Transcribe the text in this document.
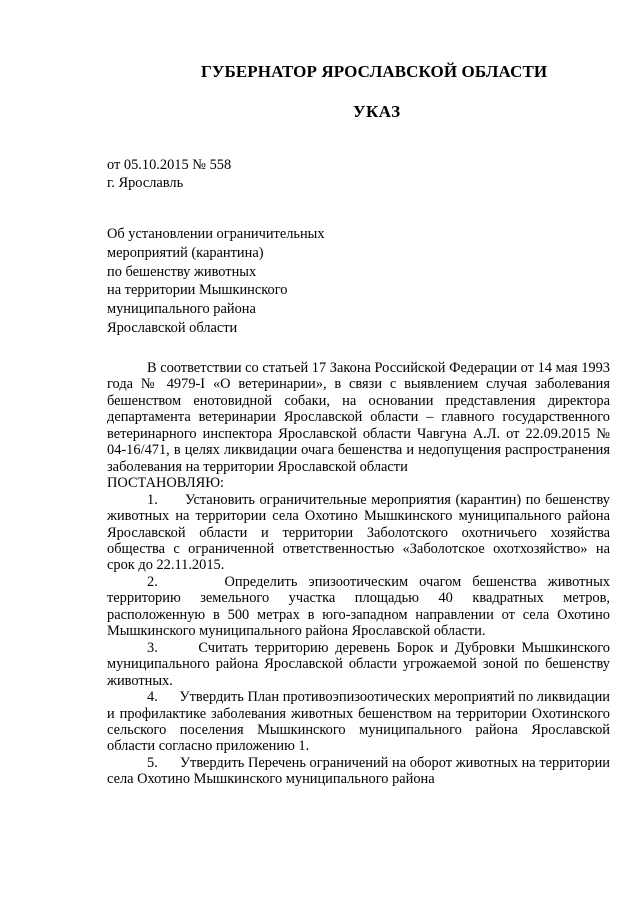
ГУБЕРНАТОР ЯРОСЛАВСКОЙ ОБЛАСТИ
УКАЗ
от 05.10.2015 № 558
г. Ярославль
Об установлении ограничительных
мероприятий (карантина)
по бешенству животных
на территории Мышкинского
муниципального района
Ярославской области

В соответствии со статьей 17 Закона Российской Федерации от 14 мая 1993 года № 4979-I «О ветеринарии», в связи с выявлением случая заболевания бешенством енотовидной собаки, на основании представления директора департамента ветеринарии Ярославской области – главного государственного ветеринарного инспектора Ярославской области Чавгуна А.Л. от 22.09.2015 № 04-16/471, в целях ликвидации очага бешенства и недопущения распространения заболевания на территории Ярославской области

ПОСТАНОВЛЯЮ:

1.      Установить ограничительные мероприятия (карантин) по бешенству животных на территории села Охотино Мышкинского муниципального района Ярославской области и территории Заболотского охотничьего хозяйства общества с ограниченной ответственностью «Заболотское охотхозяйство» на срок до 22.11.2015.

2.      Определить эпизоотическим очагом бешенства животных территорию земельного участка площадью 40 квадратных метров, расположенную в 500 метрах в юго-западном направлении от села Охотино Мышкинского муниципального района Ярославской области.

3.      Считать территорию деревень Борок и Дубровки Мышкинского муниципального района Ярославской области угрожаемой зоной по бешенству животных.

4.      Утвердить План противоэпизоотических мероприятий по ликвидации и профилактике заболевания животных бешенством на территории Охотинского сельского поселения Мышкинского муниципального района Ярославской области согласно приложению 1.

5.      Утвердить Перечень ограничений на оборот животных на территории села Охотино Мышкинского муниципального района
